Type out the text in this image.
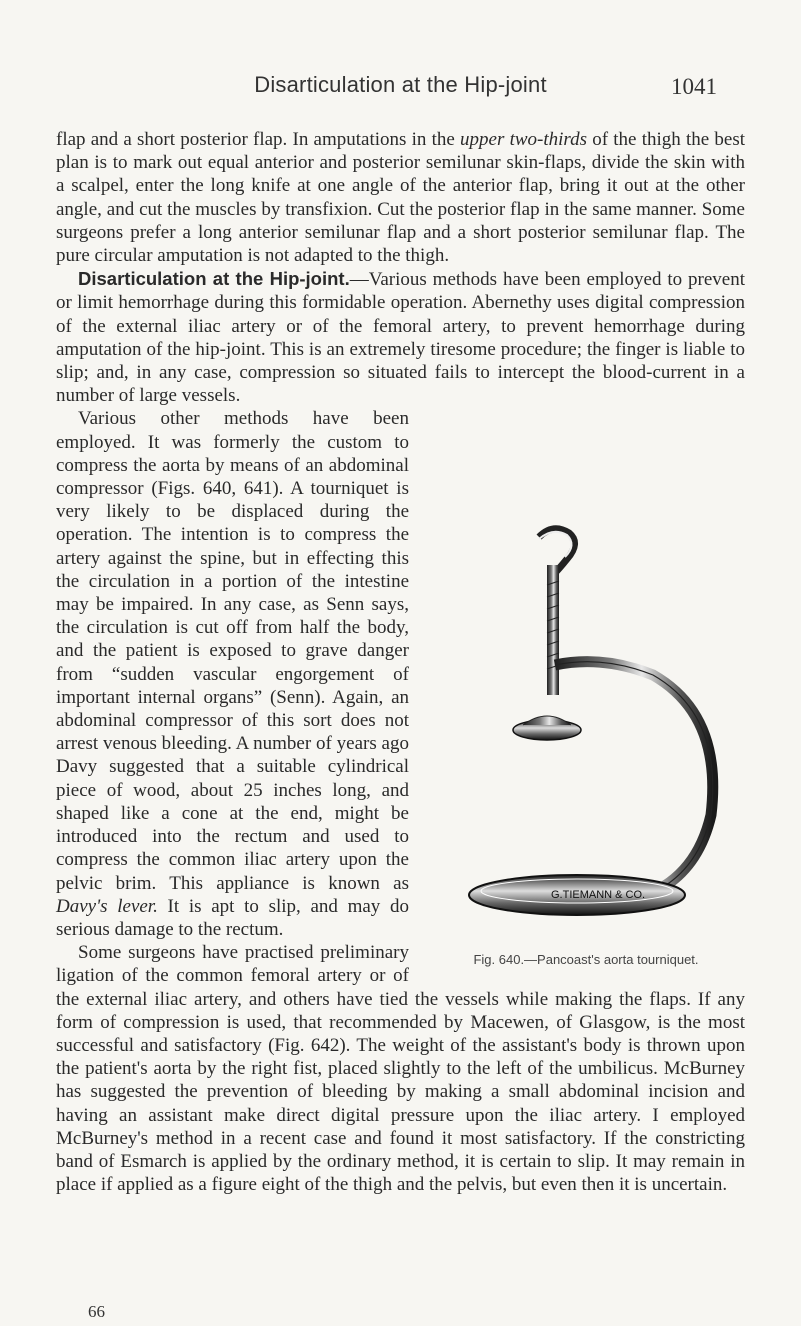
Disarticulation at the Hip-joint	1041

flap and a short posterior flap. In amputations in the upper two-thirds of the thigh the best plan is to mark out equal anterior and posterior semilunar skin-flaps, divide the skin with a scalpel, enter the long knife at one angle of the anterior flap, bring it out at the other angle, and cut the muscles by transfixion. Cut the posterior flap in the same manner. Some surgeons prefer a long anterior semilunar flap and a short posterior semilunar flap. The pure circular amputation is not adapted to the thigh.

Disarticulation at the Hip-joint.—Various methods have been employed to prevent or limit hemorrhage during this formidable operation. Abernethy uses digital compression of the external iliac artery or of the femoral artery, to prevent hemorrhage during amputation of the hip-joint. This is an extremely tiresome procedure; the finger is liable to slip; and, in any case, compression so situated fails to intercept the blood-current in a number of large vessels.

G.TIEMANN & CO.
Fig. 640.—Pancoast's aorta tourniquet.

Various other methods have been employed. It was formerly the custom to compress the aorta by means of an abdominal compressor (Figs. 640, 641). A tourniquet is very likely to be displaced during the operation. The intention is to compress the artery against the spine, but in effecting this the circulation in a portion of the intestine may be impaired. In any case, as Senn says, the circulation is cut off from half the body, and the patient is exposed to grave danger from “sudden vascular engorgement of important internal organs” (Senn). Again, an abdominal compressor of this sort does not arrest venous bleeding. A number of years ago Davy suggested that a suitable cylindrical piece of wood, about 25 inches long, and shaped like a cone at the end, might be introduced into the rectum and used to compress the common iliac artery upon the pelvic brim. This appliance is known as Davy's lever. It is apt to slip, and may do serious damage to the rectum.

Some surgeons have practised preliminary ligation of the common femoral artery or of the external iliac artery, and others have tied the vessels while making the flaps. If any form of compression is used, that recommended by Macewen, of Glasgow, is the most successful and satisfactory (Fig. 642). The weight of the assistant's body is thrown upon the patient's aorta by the right fist, placed slightly to the left of the umbilicus. McBurney has suggested the prevention of bleeding by making a small abdominal incision and having an assistant make direct digital pressure upon the iliac artery. I employed McBurney's method in a recent case and found it most satisfactory. If the constricting band of Esmarch is applied by the ordinary method, it is certain to slip. It may remain in place if applied as a figure eight of the thigh and the pelvis, but even then it is uncertain.

66
